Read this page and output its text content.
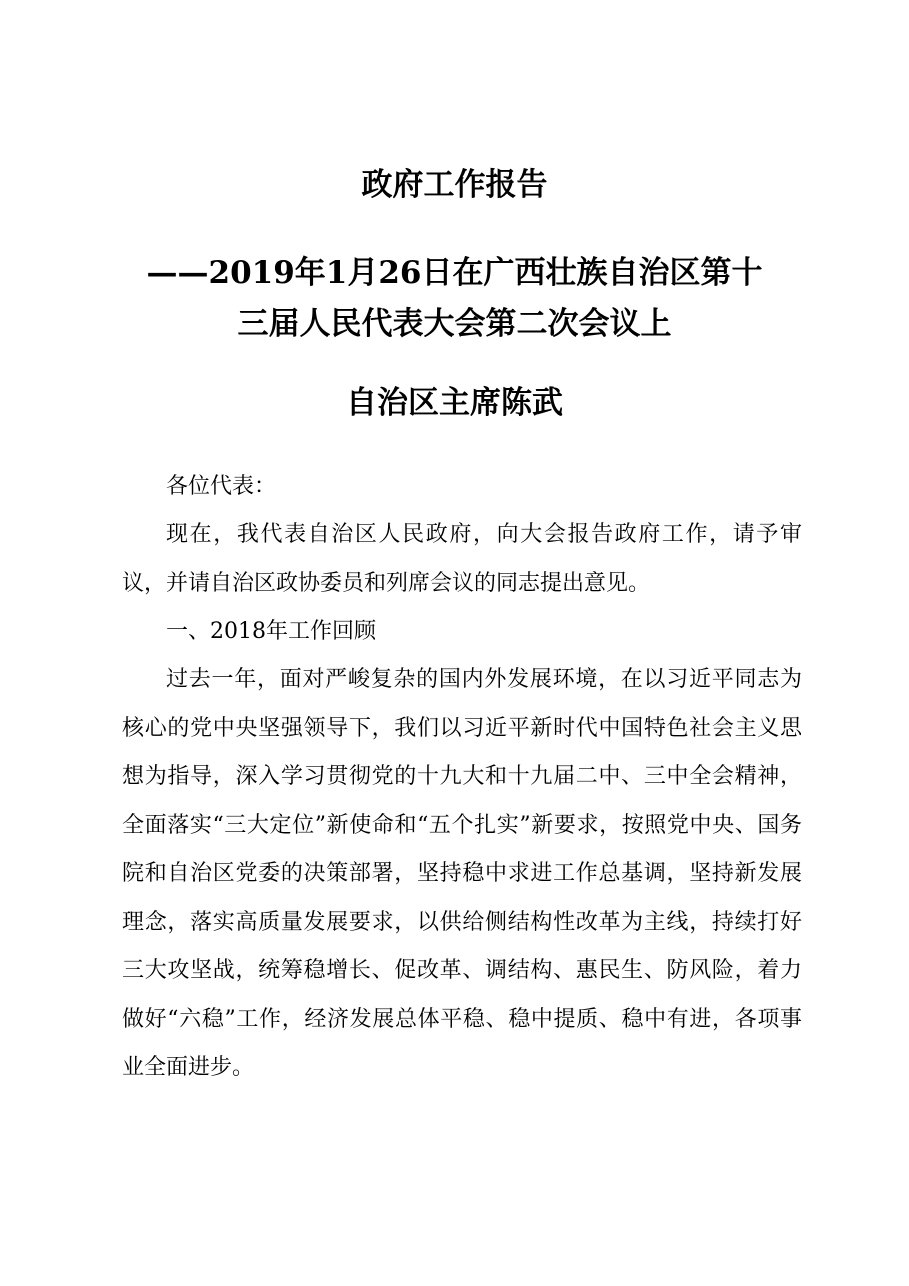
政府工作报告
——2019年1月26日在广西壮族自治区第十
三届人民代表大会第二次会议上
自治区主席陈武

各位代表：

现在，我代表自治区人民政府，向大会报告政府工作，请予审议，并请自治区政协委员和列席会议的同志提出意见。

一、2018年工作回顾

过去一年，面对严峻复杂的国内外发展环境，在以习近平同志为核心的党中央坚强领导下，我们以习近平新时代中国特色社会主义思想为指导，深入学习贯彻党的十九大和十九届二中、三中全会精神，全面落实“三大定位”新使命和“五个扎实”新要求，按照党中央、国务院和自治区党委的决策部署，坚持稳中求进工作总基调，坚持新发展理念，落实高质量发展要求，以供给侧结构性改革为主线，持续打好三大攻坚战，统筹稳增长、促改革、调结构、惠民生、防风险，着力做好“六稳”工作，经济发展总体平稳、稳中提质、稳中有进，各项事业全面进步。
